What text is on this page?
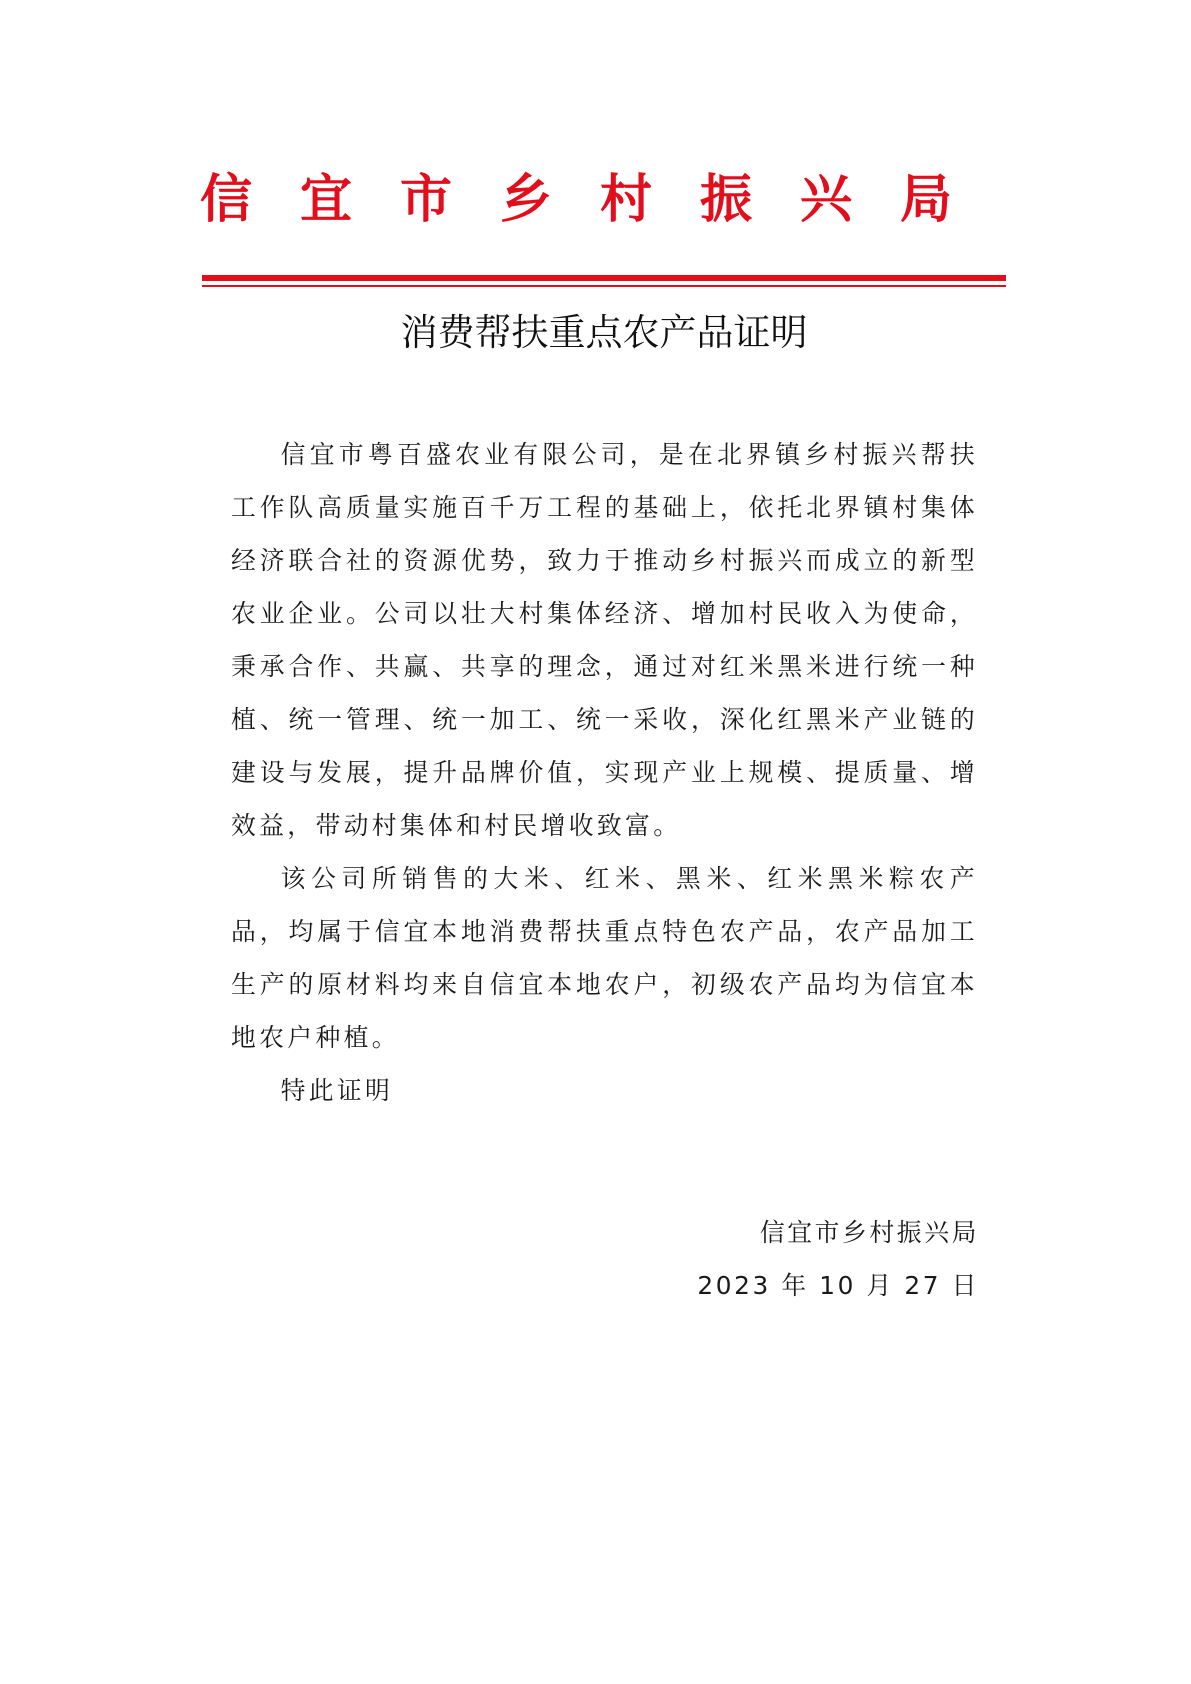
信宜市乡村振兴局
消费帮扶重点农产品证明

信宜市粤百盛农业有限公司，是在北界镇乡村振兴帮扶工作队高质量实施百千万工程的基础上，依托北界镇村集体经济联合社的资源优势，致力于推动乡村振兴而成立的新型农业企业。公司以壮大村集体经济、增加村民收入为使命，秉承合作、共赢、共享的理念，通过对红米黑米进行统一种植、统一管理、统一加工、统一采收，深化红黑米产业链的建设与发展，提升品牌价值，实现产业上规模、提质量、增效益，带动村集体和村民增收致富。

该公司所销售的大米、红米、黑米、红米黑米粽农产品，均属于信宜本地消费帮扶重点特色农产品，农产品加工生产的原材料均来自信宜本地农户，初级农产品均为信宜本地农户种植。

特此证明

信宜市乡村振兴局
2023 年 10 月 27 日
